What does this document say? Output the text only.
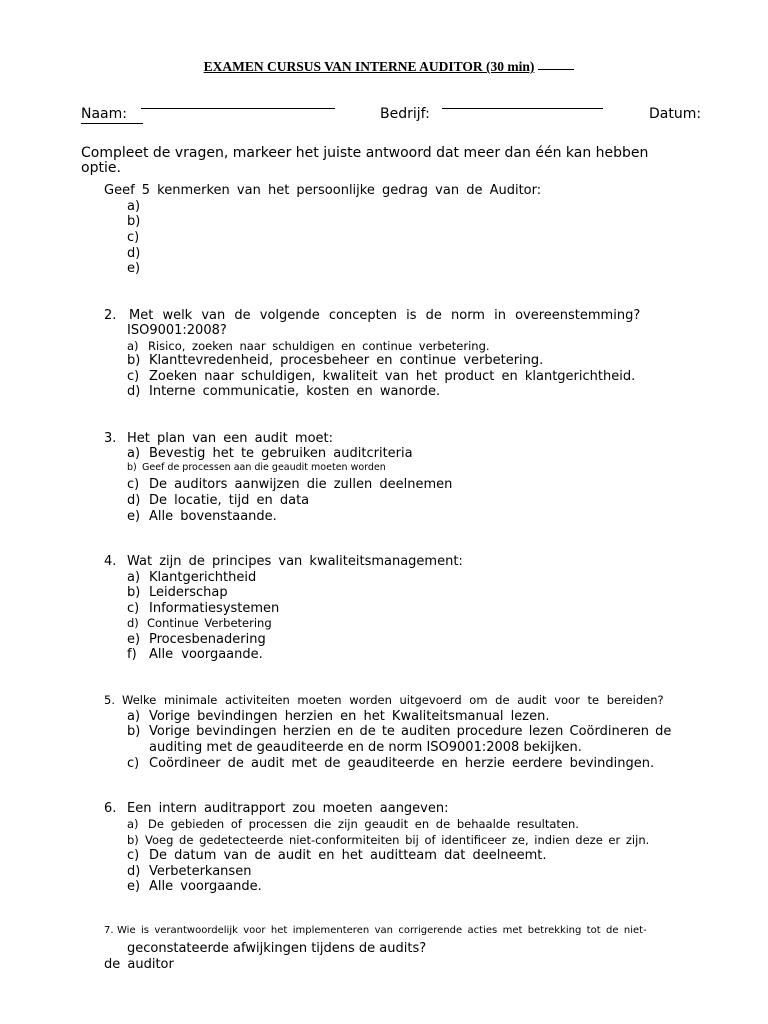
EXAMEN CURSUS VAN INTERNE AUDITOR (30 min)
Naam:	Bedrijf:	Datum:
Compleet de vragen, markeer het juiste antwoord dat meer dan één kan hebben
optie.
Geef 5 kenmerken van het persoonlijke gedrag van de Auditor:
a)
b)
c)
d)
e)
2. Met welk van de volgende concepten is de norm in overeenstemming?
ISO9001:2008?
a) Risico, zoeken naar schuldigen en continue verbetering.
b) Klanttevredenheid, procesbeheer en continue verbetering.
c) Zoeken naar schuldigen, kwaliteit van het product en klantgerichtheid.
d) Interne communicatie, kosten en wanorde.
3. Het plan van een audit moet:
a) Bevestig het te gebruiken auditcriteria
b) Geef de processen aan die geaudit moeten worden
c) De auditors aanwijzen die zullen deelnemen
d) De locatie, tijd en data
e) Alle bovenstaande.
4. Wat zijn de principes van kwaliteitsmanagement:
a) Klantgerichtheid
b) Leiderschap
c) Informatiesystemen
d) Continue Verbetering
e) Procesbenadering
f) Alle voorgaande.
5. Welke minimale activiteiten moeten worden uitgevoerd om de audit voor te bereiden?
a) Vorige bevindingen herzien en het Kwaliteitsmanual lezen.
b) Vorige bevindingen herzien en de te auditen procedure lezen Coördineren de
auditing met de geauditeerde en de norm ISO9001:2008 bekijken.
c) Coördineer de audit met de geauditeerde en herzie eerdere bevindingen.
6. Een intern auditrapport zou moeten aangeven:
a) De gebieden of processen die zijn geaudit en de behaalde resultaten.
b) Voeg de gedetecteerde niet-conformiteiten bij of identificeer ze, indien deze er zijn.
c) De datum van de audit en het auditteam dat deelneemt.
d) Verbeterkansen
e) Alle voorgaande.
7. Wie is verantwoordelijk voor het implementeren van corrigerende acties met betrekking tot de niet-
geconstateerde afwijkingen tijdens de audits?
de auditor
